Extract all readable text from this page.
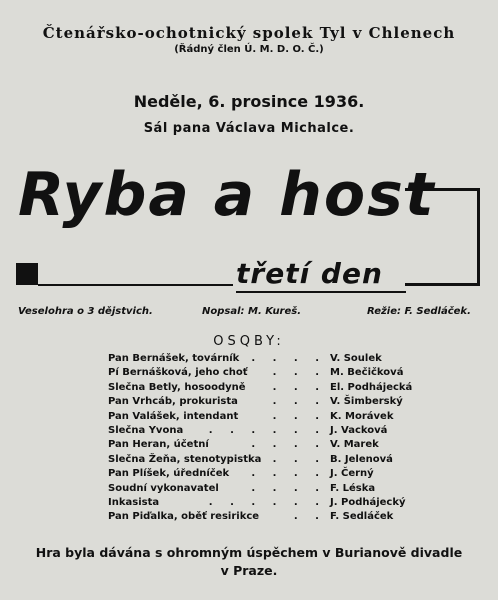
Čtenářsko-ochotnický spolek Tyl v Chlenech
(Řádný člen Ú. M. D. O. Č.)
Neděle, 6. prosince 1936.
Sál pana Václava Michalce.
Ryba a host
třetí den
Veselohra o 3 dějstvich.	Nopsal: M. Kureš.	Režie: F. Sedláček.
OSQBY:
Pan Bernášek, továrník	V. Soulek
. . . .
Pí Bernášková, jeho choť	M. Bečičková
. . .
Slečna Betly, hosoodyně	El. Podhájecká
. . .
Pan Vrhcáb, prokurista	V. Šimberský
. . .
Pan Valášek, intendant	K. Morávek
. . .
Slečna Yvona	J. Vacková
. . . . . .
Pan Heran, účetní	V. Marek
. . . .
Slečna Žeňa, stenotypistka	B. Jelenová
. . .
Pan Plíšek, úředníček	J. Černý
. . . .
Soudní vykonavatel	F. Léska
. . . .
Inkasista	J. Podhájecký
. . . . . .
Pan Piďalka, oběť resirikce	F. Sedláček
. .
Hra byla dávána s ohromným úspěchem v Burianově divadle
v Praze.
